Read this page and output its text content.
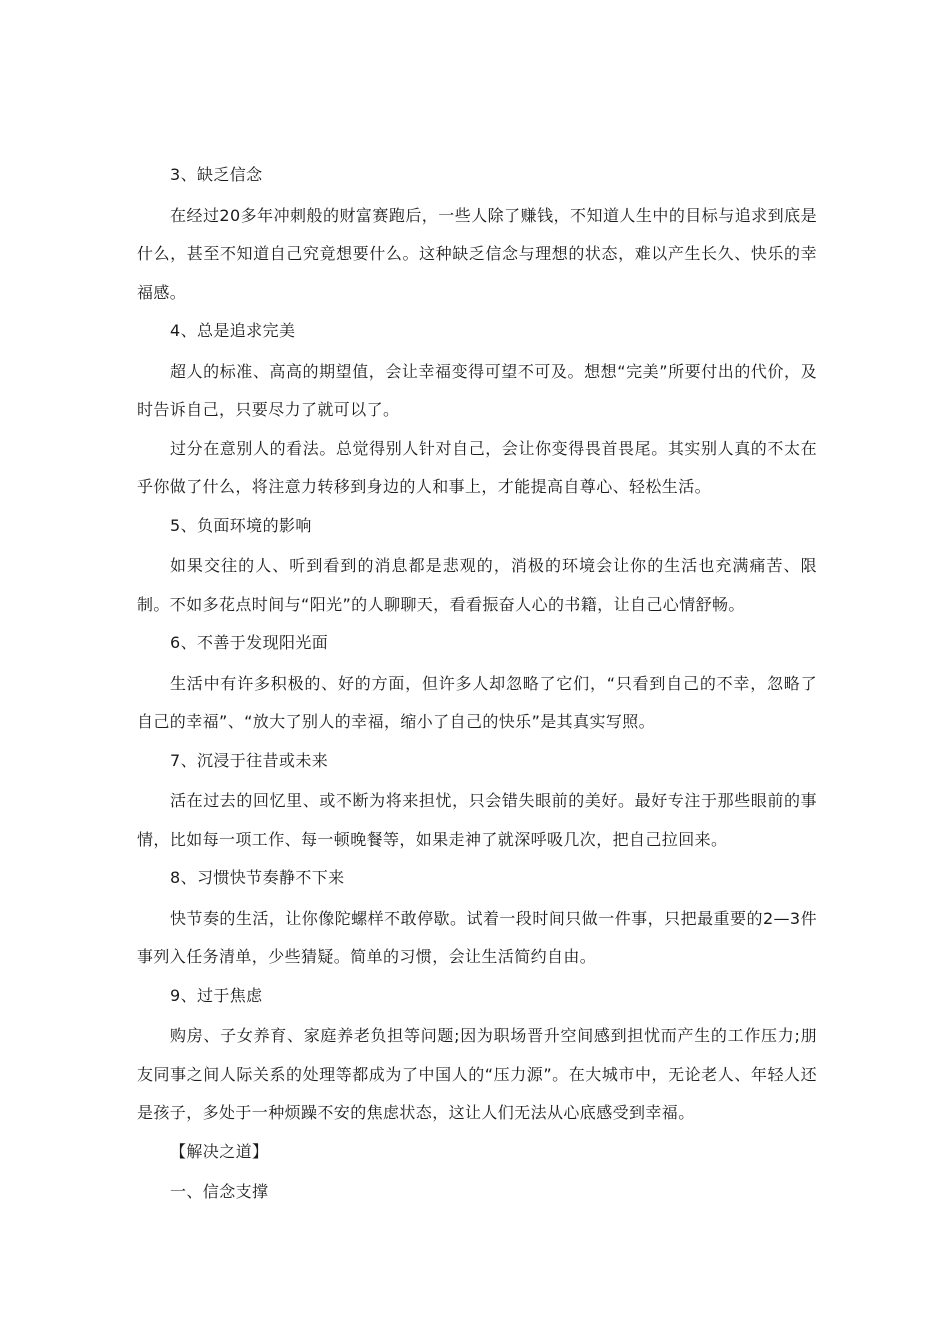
3、缺乏信念

在经过20多年冲刺般的财富赛跑后，一些人除了赚钱，不知道人生中的目标与追求到底是什么，甚至不知道自己究竟想要什么。这种缺乏信念与理想的状态，难以产生长久、快乐的幸福感。

4、总是追求完美

超人的标准、高高的期望值，会让幸福变得可望不可及。想想“完美”所要付出的代价，及时告诉自己，只要尽力了就可以了。

过分在意别人的看法。总觉得别人针对自己，会让你变得畏首畏尾。其实别人真的不太在乎你做了什么，将注意力转移到身边的人和事上，才能提高自尊心、轻松生活。

5、负面环境的影响

如果交往的人、听到看到的消息都是悲观的，消极的环境会让你的生活也充满痛苦、限制。不如多花点时间与“阳光”的人聊聊天，看看振奋人心的书籍，让自己心情舒畅。

6、不善于发现阳光面

生活中有许多积极的、好的方面，但许多人却忽略了它们，“只看到自己的不幸，忽略了自己的幸福”、“放大了别人的幸福，缩小了自己的快乐”是其真实写照。

7、沉浸于往昔或未来

活在过去的回忆里、或不断为将来担忧，只会错失眼前的美好。最好专注于那些眼前的事情，比如每一项工作、每一顿晚餐等，如果走神了就深呼吸几次，把自己拉回来。

8、习惯快节奏静不下来

快节奏的生活，让你像陀螺样不敢停歇。试着一段时间只做一件事，只把最重要的2—3件事列入任务清单，少些猜疑。简单的习惯，会让生活简约自由。

9、过于焦虑

购房、子女养育、家庭养老负担等问题;因为职场晋升空间感到担忧而产生的工作压力;朋友同事之间人际关系的处理等都成为了中国人的“压力源”。在大城市中，无论老人、年轻人还是孩子，多处于一种烦躁不安的焦虑状态，这让人们无法从心底感受到幸福。

【解决之道】

一、信念支撑
